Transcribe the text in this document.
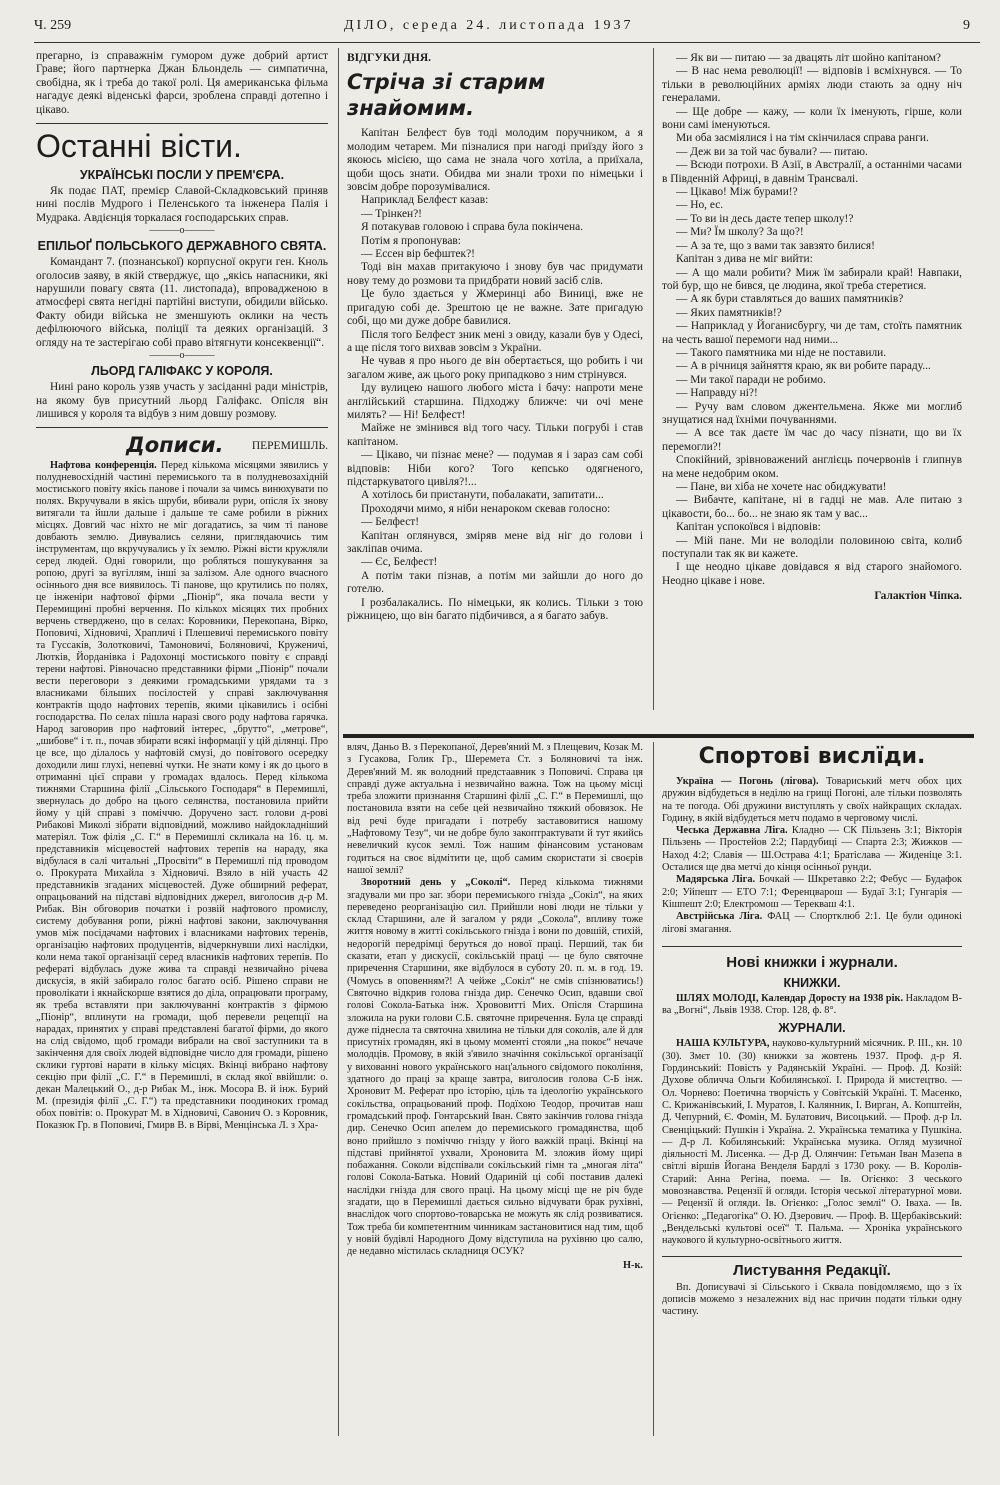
Ч. 259	ДІЛО, середа 24. листопада 1937	9

прегарно, із справажнім гумором дуже добрий артист Граве; його партнерка Джан Бльондель — симпатична, свобідна, як і треба до такої ролі. Ця американська фільма нагадує деякі віденські фарси, зроблена справді дотепно і цікаво.

Останні вісти.
УКРАЇНСЬКІ ПОСЛИ У ПРЕМ'ЄРА.

Як подає ПАТ, премієр Славой-Складковський приняв нині послів Мудрого і Пеленського та інженера Палія і Мудрака. Авдієнція торкалася господарських справ.

———o———
ЕПІЛЬОҐ ПОЛЬСЬКОГО ДЕРЖАВНОГО СВЯТА.

Командант 7. (познанської) корпусної округи ген. Кноль оголосив заяву, в якій стверджує, що „якісь напасники, які нарушили повагу свята (11. листопада), впровадженою в атмосфері свята негідні партійні виступи, обидили військо. Факту обиди війська не зменшують оклики на честь дефілюючого війська, поліції та деяких організацій. З огляду на те застерігаю собі право вітягнути консеквенції“.

———o———
ЛЬОРД ГАЛІФАКС У КОРОЛЯ.

Нині рано король узяв участь у засіданні ради міністрів, на якому був присутний льорд Галіфакс. Опісля він лишився у короля та відбув з ним довшу розмову.

Дописи. ПЕРЕМИШЛЬ.

Нафтова конференція. Перед кількома місяцями зявились у полудневосхідній частині перемиського та в полудневозахідній мостиського повіту якісь панове і почали за чимсь винюхувати по полях. Вкручували в якісь шруби, вбивали рури, опісля їх знову витягали та йшли дальше і дальше те саме робили в ріжних місцях. Довгий час ніхто не міг догадатись, за чим ті панове довбають землю. Дивувались селяни, приглядаючись тим інструментам, що вкручувались у їх землю. Ріжні вісти кружляли серед людей. Одні говорили, що робляться пошукування за ропою, другі за вугіллям, інші за залізом. Але одного вчасного осіннього дня все виявилось. Ті панове, що крутились по полях, це інженіри нафтової фірми „Піонір“, яка почала вести у Перемищині пробні верчення. По кількох місяцях тих пробних верчень стверджено, що в селах: Коровники, Перекопана, Вірко, Поповичі, Хідновичі, Храпличі і Плешевичі перемиського повіту та Гуссаків, Золотковичі, Тамоновичі, Боляновичі, Круженичі, Лютків, Йорданівка і Радохонці мостиського повіту є справді терени нафтові. Рівночасно представники фірми „Піонір“ почали вести переговори з деякими громадськими урядами та з власниками більших посілостей у справі заключування контрактів щодо нафтових терепів, якими цікавились і осібні господарства. По селах пішла наразі свого роду нафтова гарячка. Народ заговорив про нафтовий інтерес, „брутто“, „метрове“, „шибове“ і т. п., почав збирати всякі інформації у цій ділянці. Про це все, що ділалось у нафтовій смузі, до повітового осередку доходили лиш глухі, непевні чутки. Не знати кому і як до цього в отриманні цієї справи у громадах вдалось. Перед кількома тижнями Старшина філії „Сільського Господаря“ в Перемишлі, звернулась до добро на цього селянства, постановила прийти йому у цій справі з поміччю. Доручено заст. голови д-рові Рибакові Миколі зібрати відповідний, можливо найдокладніший матеріял. Тож філія „С. Г.“ в Перемишлі скликала на 16. ц. м. представників місцевостей нафтових терепів на нараду, яка відбулася в салі читальні „Просвіти“ в Перемишлі під проводом о. Прокурата Михайла з Хідновичі. Взяло в ній участь 42 представників згаданих місцевостей. Дуже обширний реферат, опрацьований на підставі відповідних джерел, виголосив д-р М. Рибак. Він обговорив початки і розвій нафтового промислу, систему добування ропи, ріжні нафтові закони, заключування умов між посідачами нафтових і власниками нафтових теренів, організацію нафтових продуцентів, відчеркнувши лихі наслідки, коли нема такої організації серед власників нафтових терепів. По рефераті відбулась дуже жива та справді незвичайно річева дискусія, в якій забирало голос багато осіб. Рішено справи не проволікати і якнайскорше взятися до діла, опрацювати програму, як треба вставляти при заключуванні контрактів з фірмою „Піонір“, вплинути на громади, щоб перевели рецепції на нарадах, принятих у справі представлені багатої фірми, до якого на слід свідомо, щоб громади вибрали на свої заступники та в закінчення для своїх людей відповідне число для громади, рішено склики гуртові нарати в кільку місцях. Вкінці вибрано нафтову секцію при філії „С. Г.“ в Перемишлі, в склад якої ввійшли: о. декан Малецький О., д-р Рибак М., інж. Мосора В. й інж. Бурий М. (президія філії „С. Г.“) та представники поодиноких громад обох повітів: о. Прокурат М. в Хідновичі, Савонич О. з Коровник, Показюк Гр. в Поповичі, Гмирв В. в Вірві, Менцінська Л. з Хра-

ВІДГУКИ ДНЯ.
Стріча зі старим знайомим.

Капітан Белфест був тоді молодим поручником, а я молодим четарем. Ми пізналися при нагоді приїзду його з якоюсь місією, що сама не знала чого хотіла, а приїхала, щоби щось знати. Обидва ми знали трохи по німецьки і зовсім добре порозумівалися.

Наприклад Белфест казав:

— Трінкен?!

Я потакував головою і справа була покінчена.

Потім я пропонував:

— Ессен вір бефштек?!

Тоді він махав притакуючо і знову був час придумати нову тему до розмови та придбрати новий засіб слів.

Це було здається у Жмеринці або Виниці, вже не пригадую собі де. Зрештою це не важне. Зате пригадую собі, що ми дуже добре бавилися.

Після того Белфест зник мені з овиду, казали був у Одесі, а ще після того вихвав зовсім з України.

Не чував я про нього де він обертається, що робить і чи загалом живе, аж цього року припадково з ним стрінувся.

Іду вулицею нашого любого міста і бачу: напроти мене англійський старшина. Підходжу ближче: чи очі мене милять? — Ні! Белфест!

Майже не змінився від того часу. Тільки погрубі і став капітаном.

— Цікаво, чи пізнає мене? — подумав я і зараз сам собі відповів: Ніби кого? Того кепсько одягненого, підстаркуватого цивіля?!...

А хотілось би пристанути, побалакати, запитати...

Проходячи мимо, я ніби ненароком скевав голосно:

— Белфест!

Капітан оглянувся, зміряв мене від ніг до голови і закліпав очима.

— Єс, Белфест!

А потім таки пізнав, а потім ми зайшли до ного до готелю.

І розбалакались. По німецьки, як колись. Тільки з тою ріжницею, що він багато підбичився, а я багато забув.

— Як ви — питаю — за двацять літ шойно капітаном?

— В нас нема революції! — відповів і всміхнувся. — То тільки в революційних арміях люди стають за одну ніч генералами.

— Ще добре — кажу, — коли їх іменують, гірше, коли вони самі іменуються.

Ми оба засміялися і на тім скінчилася справа ранги.

— Деж ви за той час бували? — питаю.

— Всюди потрохи. В Азії, в Австралії, а останніми часами в Південній Африці, в давнім Трансвалі.

— Цікаво! Між бурами!?

— Но, ес.

— То ви ін десь даєте тепер школу!?

— Ми? Їм школу? За що?!

— А за те, що з вами так завзято билися!

Капітан з дива не міг вийти:

— А що мали робити? Миж їм забирали край! Навпаки, той бур, що не бився, це людина, якої треба стеретися.

— А як бури ставляться до ваших памятників?

— Яких памятників!?

— Наприклад у Йоганисбургу, чи де там, стоїть памятник на честь вашої перемоги над ними...

— Такого памятника ми ніде не поставили.

— А в річниця зайняття краю, як ви робите параду...

— Ми такої паради не робимо.

— Направду ні?!

— Ручу вам словом джентельмена. Якже ми моглиб знущатися над їхніми почуваннями.

— А все так даєте їм час до часу пізнати, що ви їх перемогли?!

Спокійний, зрівноважений англієць почервонів і глипнув на мене недобрим оком.

— Пане, ви хіба не хочете нас обиджувати!

— Вибачте, капітане, ні в гадці не мав. Але питаю з цікавости, бо... бо... не знаю як там у вас...

Капітан успокоївся і відповів:

— Мій пане. Ми не володіли половиною світа, колиб поступали так як ви кажете.

І ще неодно цікаве довідався я від старого знайомого. Неодно цікаве і нове.

Галактіон Чіпка.

вляч, Даньо В. з Перекопаної, Дерев'яний М. з Плещевич, Козак М. з Гусакова, Голик Гр., Шеремета Ст. з Боляновичі та інж. Дерев'яний М. як володний предстаавник з Поповичі. Справа ця справді дуже актуальна і незвичайно важна. Тож на цьому місці треба зложити признання Старшині філії „С. Г.“ в Перемишлі, що постановила взяти на себе цей незвичайно тяжкий обовязок. Не від речі буде пригадати і потребу заставовитися нашому „Нафтовому Тезу“, чи не добре було закоптрактувати й тут якийсь невеличкий кусок землі. Тож нашим фінансовим установам годиться на своє відмітити це, щоб самим скористати зі своєрів нашої землі?

Зворотний день у „Соколі“. Перед кількома тижнями згадували ми про заг. збори перемиського гнізда „Сокіл“, на яких переведено реорганізацію сил. Прийшли нові люди не тільки у склад Старшини, але й загалом у ряди „Сокола“, впливу тоже життя новому в житті сокільського гнізда і вони по довшій, стихій, недорогій передрімці беруться до нової праці. Перший, так би сказати, етап у дискусії, сокільській праці — це було святочне приречення Старшини, яке відбулося в суботу 20. п. м. в год. 19. (Чомусь в оповенням?! А чейже „Сокіл“ не смів спізнюватись!) Святочно відкрив голова гнізда дир. Сенечко Осип, вдавши свої голові Сокола-Батька інж. Хрововитті Мих. Опісля Старшина зложила на руки голови С.Б. святочне приречення. Була це справді дуже піднесла та святочна хвилина не тільки для соколів, але й для присутніх громадян, які в цьому моменті стояли „на покоє“ нечаче молодців. Промову, в якій з'явило значіння сокільської організації у вихованні нового українського нац'ального свідомого покоління, здатного до праці за краще завтра, виголосив голова С-Б інж. Хроновит М. Реферат про історію, ціль та ідеологію українського сокільства, опрацьований проф. Подїхою Теодор, прочитав наш громадський проф. Гонтарський Іван. Свято закінчив голова гнізда дир. Сенечко Осип апелем до перемиського громадянства, щоб воно прийшло з поміччю гнізду у його важкій праці. Вкінці на підставі прийнятої ухвали, Хроновита М. зложив йому щирі побажання. Соколи відспівали сокільський гімн та „многая літа“ голові Сокола-Батька. Новий Одариній ці собі поставив далекі наслідки гнізда для свого праці. На цьому місці ще не річ буде згадати, що в Перемишлі дається сильно відчувати брак рухівні, внаслідок чого спортово-товарська не можуть як слід розвиватися. Тож треба би компетентним чинникам застановитися над тим, щоб у новій будівлі Народного Дому відступила на рухівню цю салю, де недавно містилась складниця ОСУК?

Н-к.
Спортові вислїди.

Україна — Погонь (лігова). Товариський метч обох цих дружин відбудеться в неділю на грищі Погоні, але тільки позволять на те погода. Обі дружини виступлять у своїх найкращих складах. Годину, в якій відбудеться метч подамо в черговому числі.

Чеська Державна Ліга. Кладно — СК Пільзень 3:1; Вікторія Пільзень — Простейов 2:2; Пардубиці — Спарта 2:3; Жижков — Наход 4:2; Славія — Ш.Острава 4:1; Братіслава — Жиденіце 3:1. Осталися ще два метчі до кінця осінньої рунди.

Мадярська Ліга. Бочкай — Шкретавко 2:2; Фебус — Будафок 2:0; Уйпешт — ЕТО 7:1; Ференцварош — Будаї 3:1; Гунгарія — Кішпешт 2:0; Електромош — Терекваш 4:1.

Австрійська Ліга. ФАЦ — Спортклюб 2:1. Це були одинокі лігові змагання.

Нові книжки і журнали.
КНИЖКИ.

ШЛЯХ МОЛОДІ, Календар Доросту на 1938 рік. Накладом В-ва „Вогні“, Львів 1938. Стор. 128, ф. 8°.

ЖУРНАЛИ.

НАША КУЛЬТУРА, науково-культурний місячник. Р. III., кн. 10 (30). Змєт 10. (30) книжки за жовтень 1937. Проф. д-р Я. Гординський: Повість у Радянській Україні. — Проф. Д. Козій: Духове обличча Ольги Кобилянської. І. Природа й мистецтво. — Ол. Чорнево: Поетична творчість у Совітській Україні. Т. Масенко, С. Крижанівський, І. Муратов, І. Калянник, І. Вирган, А. Копштейн, Д. Чепурний, Є. Фомін, М. Булатович, Висоцький. — Проф. д-р Іл. Свенціцький: Пушкін і Україна. 2. Українська тематика у Пушкіна. — Д-р Л. Кобилянський: Українська музика. Огляд музичної діяльності М. Лисенка. — Д-р Д. Олянчин: Гетьман Іван Мазепа в світлі віршів Йогана Венделя Бардлі з 1730 року. — В. Королів-Старий: Анна Регіна, поема. — Ів. Огієнко: З чеського мовознавства. Рецензії й огляди. Історія чеської літературної мови. — Рецензії й огляди. Ів. Огієнко: „Голос землі“ О. Іваха. — Ів. Огієнко: „Педагогіка“ О. Ю. Дзерович. — Проф. В. Щербаківський: „Вендельські культові осеї“ Т. Пальма. — Хроніка українського наукового й культурно-освітнього життя.

Листування Редакції.

Вп. Дописувачі зі Сільського і Сквала повідомляємо, що з їх дописів можемо з незалежних від нас причин подати тільки одну частину.
